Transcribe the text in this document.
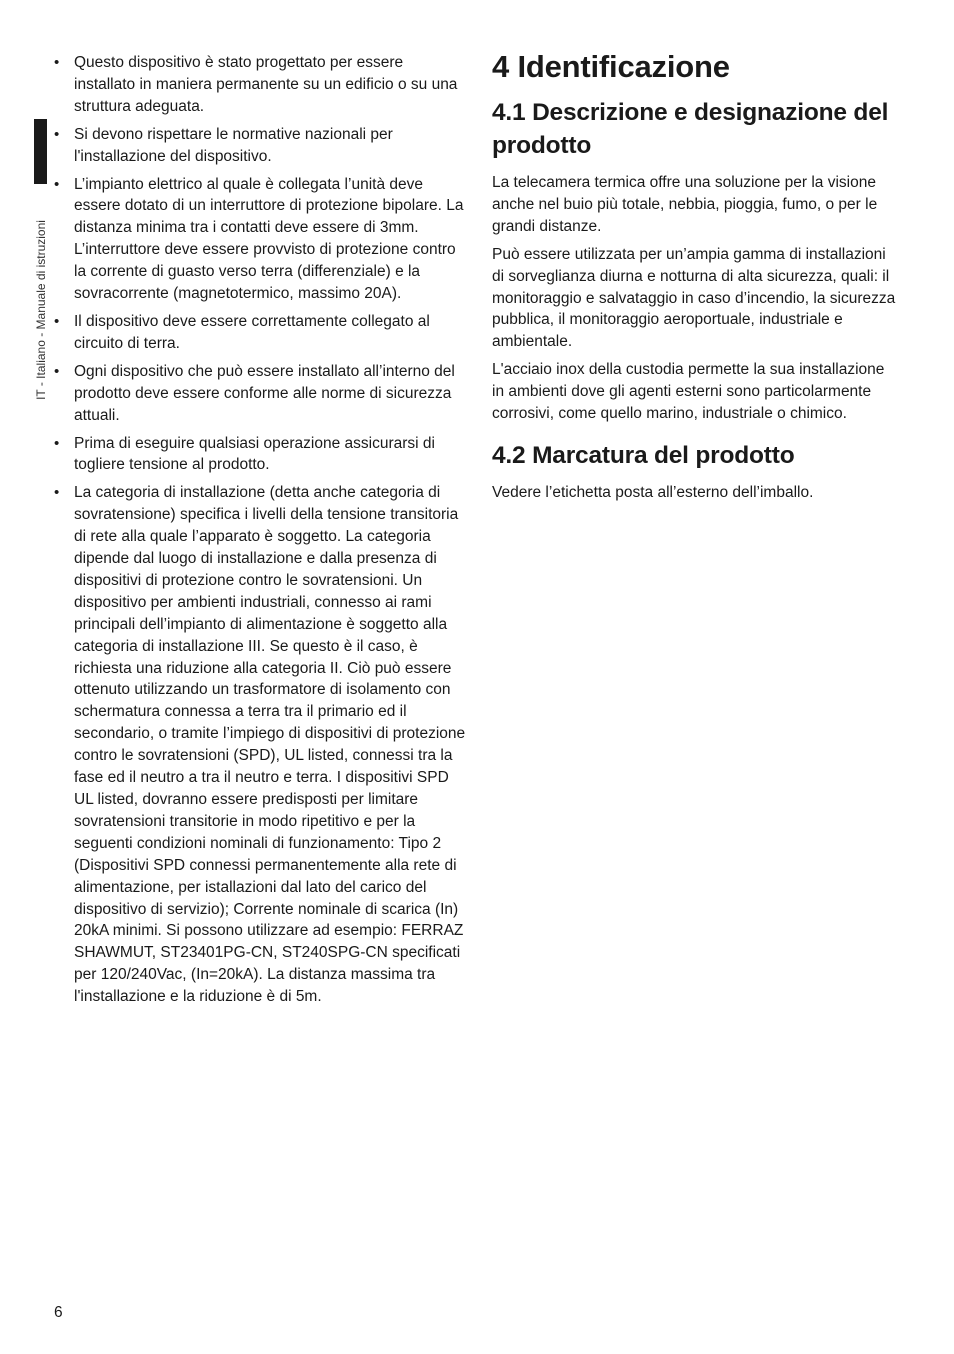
IT - Italiano - Manuale di istruzioni
• Questo dispositivo è stato progettato per essere installato in maniera permanente su un edificio o su una struttura adeguata.
• Si devono rispettare le normative nazionali per l'installazione del dispositivo.
• L’impianto elettrico al quale è collegata l’unità deve essere dotato di un interruttore di protezione bipolare. La distanza minima tra i contatti deve essere di 3mm. L’interruttore deve essere provvisto di protezione contro la corrente di guasto verso terra (differenziale) e la sovracorrente (magnetotermico, massimo 20A).
• Il dispositivo deve essere correttamente collegato al circuito di terra.
• Ogni dispositivo che può essere installato all’interno del prodotto deve essere conforme alle norme di sicurezza attuali.
• Prima di eseguire qualsiasi operazione assicurarsi di togliere tensione al prodotto.
• La categoria di installazione (detta anche categoria di sovratensione) specifica i livelli della tensione transitoria di rete alla quale l’apparato è soggetto. La categoria dipende dal luogo di installazione e dalla presenza di dispositivi di protezione contro le sovratensioni. Un dispositivo per ambienti industriali, connesso ai rami principali dell’impianto di alimentazione è soggetto alla categoria di installazione III. Se questo è il caso, è richiesta una riduzione alla categoria II. Ciò può essere ottenuto utilizzando un trasformatore di isolamento con schermatura connessa a terra tra il primario ed il secondario, o tramite l’impiego di dispositivi di protezione contro le sovratensioni (SPD), UL listed, connessi tra la fase ed il neutro a tra il neutro e terra. I dispositivi SPD UL listed, dovranno essere predisposti per limitare sovratensioni transitorie in modo ripetitivo e per la seguenti condizioni nominali di funzionamento: Tipo 2 (Dispositivi SPD connessi permanentemente alla rete di alimentazione, per istallazioni dal lato del carico del dispositivo di servizio); Corrente nominale di scarica (In) 20kA minimi. Si possono utilizzare ad esempio: FERRAZ SHAWMUT, ST23401PG-CN, ST240SPG-CN specificati per 120/240Vac, (In=20kA). La distanza massima tra l'installazione e la riduzione è di 5m.
4 Identificazione
4.1 Descrizione e designazione del prodotto

La telecamera termica offre una soluzione per la visione anche nel buio più totale, nebbia, pioggia, fumo, o per le grandi distanze.

Può essere utilizzata per un’ampia gamma di installazioni di sorveglianza diurna e notturna di alta sicurezza, quali: il monitoraggio e salvataggio in caso d’incendio, la sicurezza pubblica, il monitoraggio aeroportuale, industriale e ambientale.

L'acciaio inox della custodia permette la sua installazione in ambienti dove gli agenti esterni sono particolarmente corrosivi, come quello marino, industriale o chimico.

4.2 Marcatura del prodotto

Vedere l’etichetta posta all’esterno dell’imballo.

6
